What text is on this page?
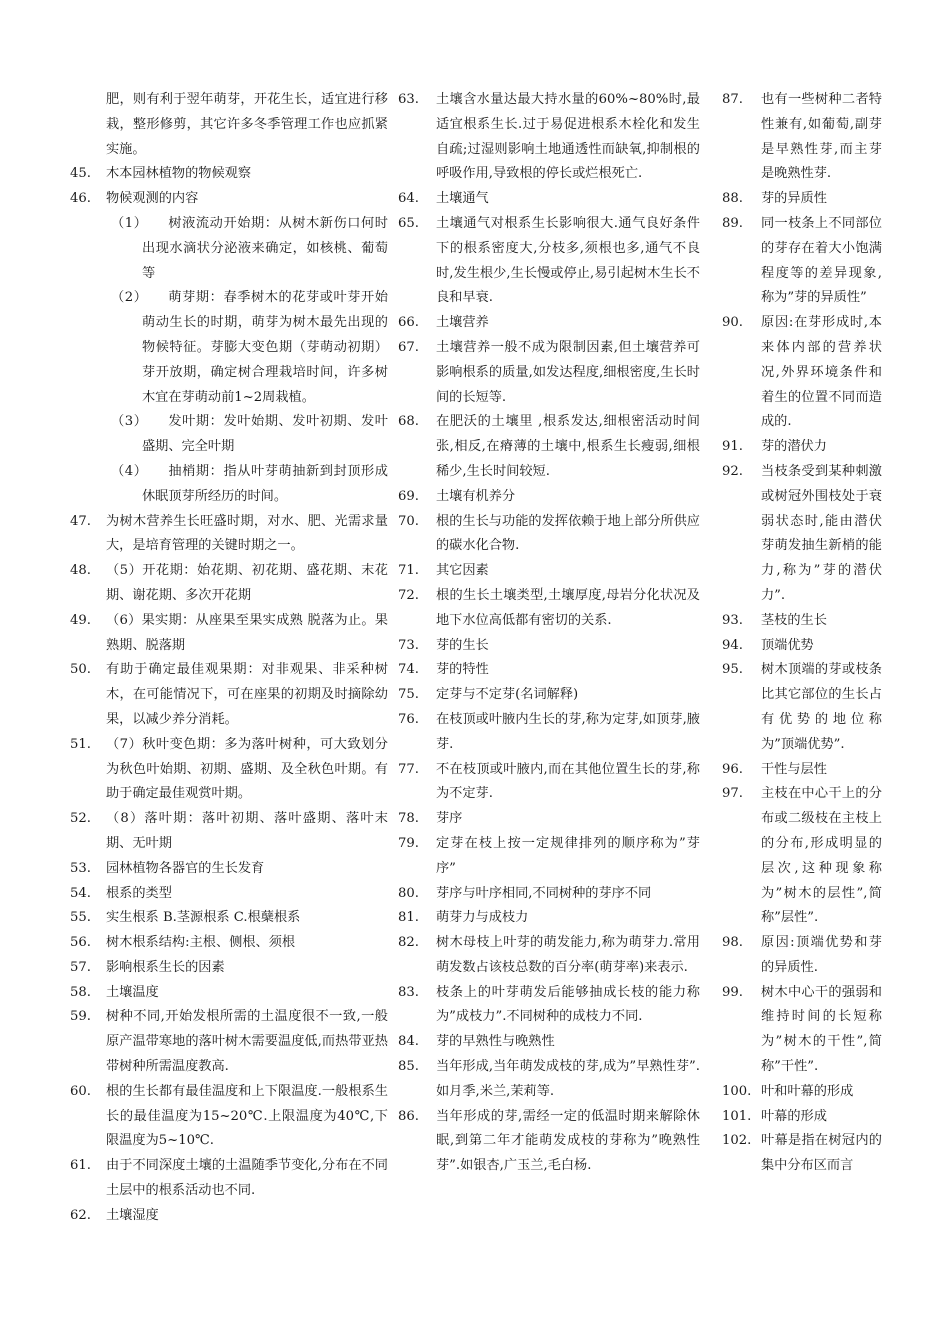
肥，则有利于翌年萌芽，开花生长，适宜进行移栽，整形修剪，其它许多冬季管理工作也应抓紧实施。
45.	木本园林植物的物候观察
46.	物候观测的内容
（1）　　树液流动开始期：从树木新伤口何时出现水滴状分泌液来确定，如核桃、葡萄等
（2）　　萌芽期：春季树木的花芽或叶芽开始萌动生长的时期，萌芽为树木最先出现的物候特征。芽膨大变色期（芽萌动初期）芽开放期，确定树合理栽培时间，许多树木宜在芽萌动前1~2周栽植。
（3）　　发叶期：发叶始期、发叶初期、发叶盛期、完全叶期
（4）　　抽梢期：指从叶芽萌抽新到封顶形成休眠顶芽所经历的时间。
47.	为树木营养生长旺盛时期，对水、肥、光需求量大，是培育管理的关键时期之一。
48.	（5）开花期：始花期、初花期、盛花期、末花期、谢花期、多次开花期
49.	（6）果实期：从座果至果实成熟 脱落为止。果熟期、脱落期
50.	有助于确定最佳观果期：对非观果、非采种树木，在可能情况下，可在座果的初期及时摘除幼果，以减少养分消耗。
51.	（7）秋叶变色期：多为落叶树种，可大致划分为秋色叶始期、初期、盛期、及全秋色叶期。有助于确定最佳观赏叶期。
52.	（8）落叶期：落叶初期、落叶盛期、落叶末期、无叶期
53.	园林植物各器官的生长发育
54.	根系的类型
55.	实生根系 B.茎源根系 C.根蘖根系
56.	树木根系结构:主根、侧根、须根
57.	影响根系生长的因素
58.	土壤温度
59.	树种不同,开始发根所需的土温度很不一致,一般原产温带寒地的落叶树木需要温度低,而热带亚热带树种所需温度教高.
60.	根的生长都有最佳温度和上下限温度.一般根系生长的最佳温度为15~20℃.上限温度为40℃,下限温度为5~10℃.
61.	由于不同深度土壤的土温随季节变化,分布在不同土层中的根系活动也不同.
62.	土壤湿度
63.	土壤含水量达最大持水量的60%~80%时,最适宜根系生长.过于易促进根系木栓化和发生自疏;过湿则影响土地通透性而缺氧,抑制根的呼吸作用,导致根的停长或烂根死亡.
64.	土壤通气
65.	土壤通气对根系生长影响很大.通气良好条件下的根系密度大,分枝多,须根也多,通气不良时,发生根少,生长慢或停止,易引起树木生长不良和早衰.
66.	土壤营养
67.	土壤营养一般不成为限制因素,但土壤营养可影响根系的质量,如发达程度,细根密度,生长时间的长短等.
68.	在肥沃的土壤里 ,根系发达,细根密活动时间张,相反,在瘠薄的土壤中,根系生长瘦弱,细根稀少,生长时间较短.
69.	土壤有机养分
70.	根的生长与功能的发挥依赖于地上部分所供应的碳水化合物.
71.	其它因素
72.	根的生长土壤类型,土壤厚度,母岩分化状况及地下水位高低都有密切的关系.
73.	芽的生长
74.	芽的特性
75.	定芽与不定芽(名词解释)
76.	在枝顶或叶腋内生长的芽,称为定芽,如顶芽,腋芽.
77.	不在枝顶或叶腋内,而在其他位置生长的芽,称为不定芽.
78.	芽序
79.	定芽在枝上按一定规律排列的顺序称为”芽序”
80.	芽序与叶序相同,不同树种的芽序不同
81.	萌芽力与成枝力
82.	树木母枝上叶芽的萌发能力,称为萌芽力.常用萌发数占该枝总数的百分率(萌芽率)来表示.
83.	枝条上的叶芽萌发后能够抽成长枝的能力称为”成枝力”.不同树种的成枝力不同.
84.	芽的早熟性与晚熟性
85.	当年形成,当年萌发成枝的芽,成为”早熟性芽”.如月季,米兰,茉莉等.
86.	当年形成的芽,需经一定的低温时期来解除休眠,到第二年才能萌发成枝的芽称为”晚熟性芽”.如银杏,广玉兰,毛白杨.
87.	也有一些树种二者特性兼有,如葡萄,副芽是早熟性芽,而主芽是晚熟性芽.
88.	芽的异质性
89.	同一枝条上不同部位的芽存在着大小饱满程度等的差异现象,称为”芽的异质性”
90.	原因:在芽形成时,本来体内部的营养状况,外界环境条件和着生的位置不同而造成的.
91.	芽的潜伏力
92.	当枝条受到某种刺激或树冠外围枝处于衰弱状态时,能由潜伏芽萌发抽生新梢的能力,称为”芽的潜伏力”.
93.	茎枝的生长
94.	顶端优势
95.	树木顶端的芽或枝条比其它部位的生长占有优势的地位称为”顶端优势”.
96.	干性与层性
97.	主枝在中心干上的分布或二级枝在主枝上的分布,形成明显的层次,这种现象称为”树木的层性”,简称”层性”.
98.	原因:顶端优势和芽的异质性.
99.	树木中心干的强弱和维持时间的长短称为”树木的干性”,简称”干性”.
100. 叶和叶幕的形成
101. 叶幕的形成
102. 叶幕是指在树冠内的集中分布区而言
